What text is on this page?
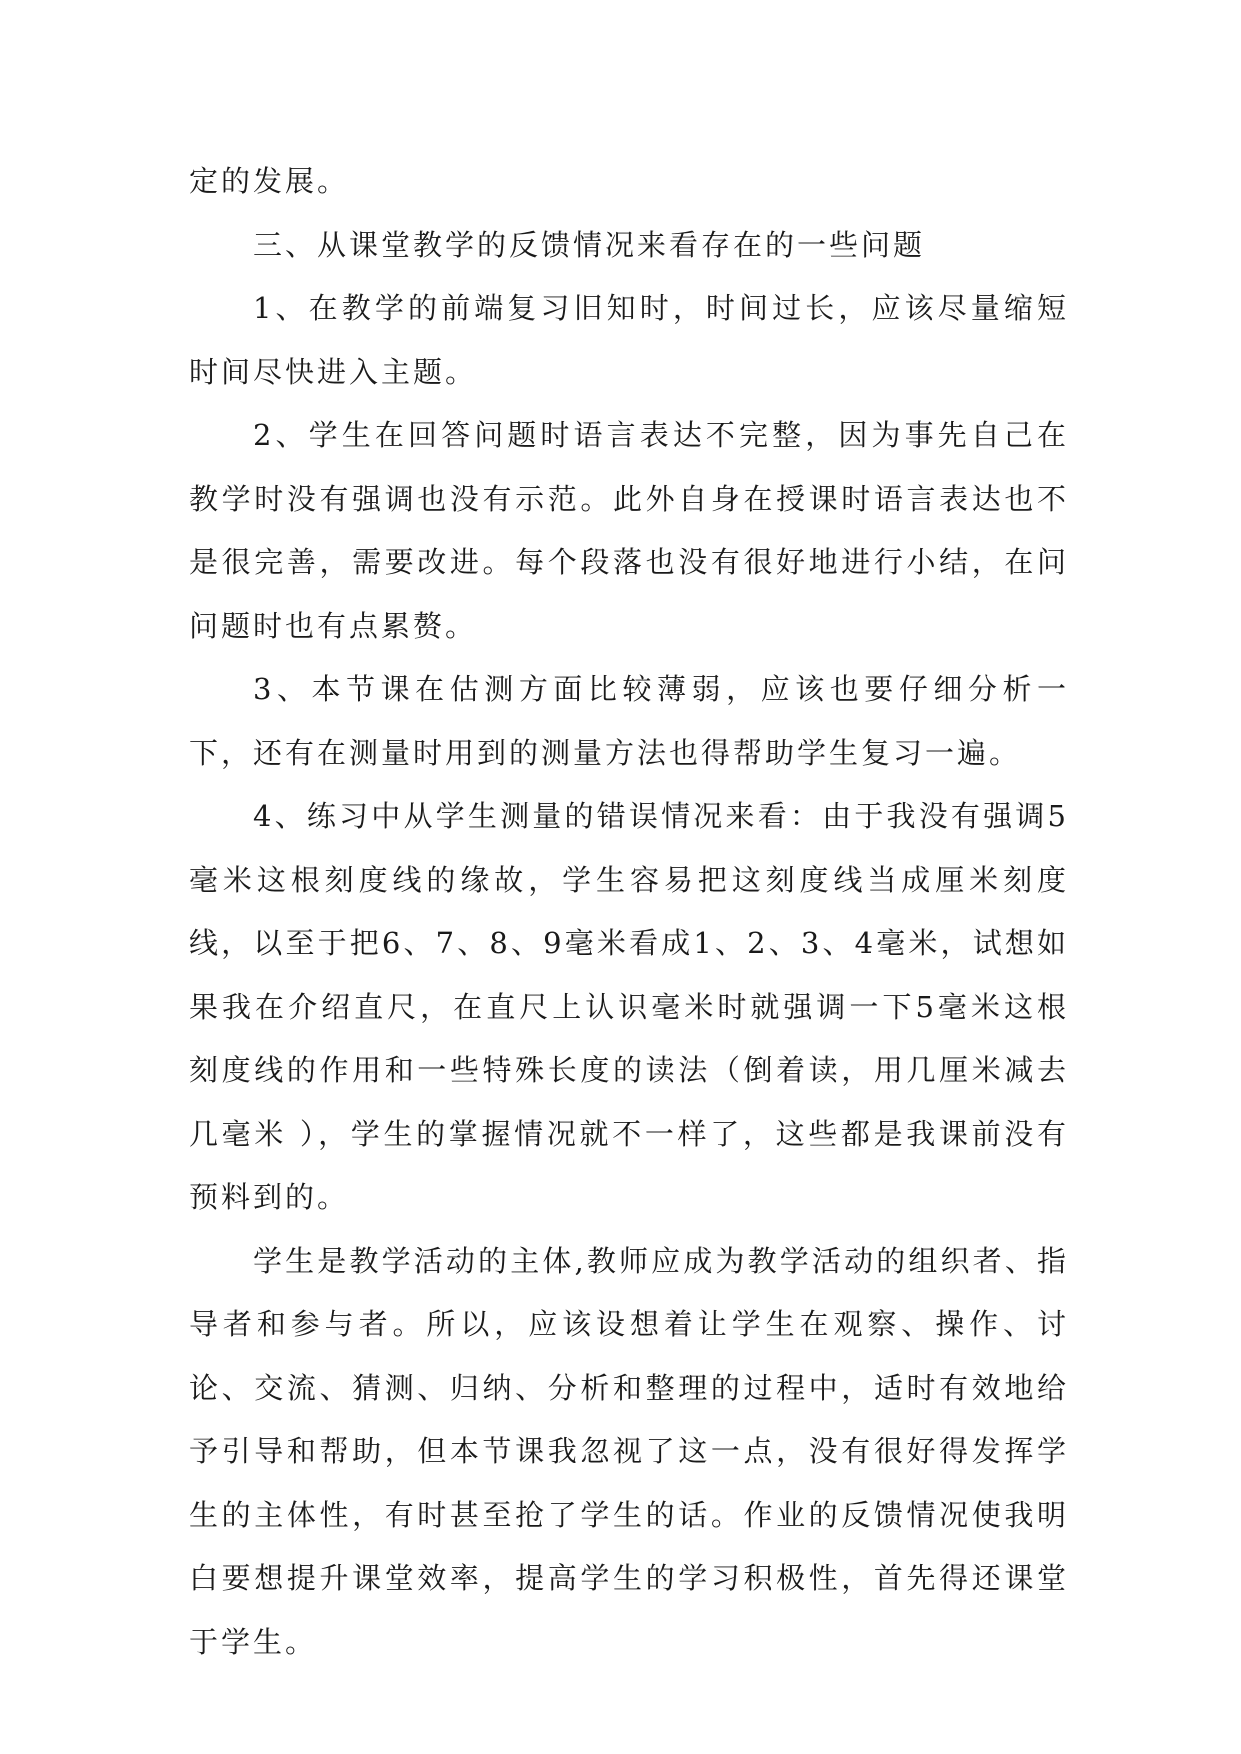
定的发展。

三、从课堂教学的反馈情况来看存在的一些问题

1、在教学的前端复习旧知时，时间过长，应该尽量缩短时间尽快进入主题。

2、学生在回答问题时语言表达不完整，因为事先自己在教学时没有强调也没有示范。此外自身在授课时语言表达也不是很完善，需要改进。每个段落也没有很好地进行小结，在问问题时也有点累赘。

3、本节课在估测方面比较薄弱，应该也要仔细分析一下，还有在测量时用到的测量方法也得帮助学生复习一遍。

4、练习中从学生测量的错误情况来看：由于我没有强调5毫米这根刻度线的缘故，学生容易把这刻度线当成厘米刻度线，以至于把6、7、8、9毫米看成1、2、3、4毫米，试想如果我在介绍直尺，在直尺上认识毫米时就强调一下5毫米这根刻度线的作用和一些特殊长度的读法（倒着读，用几厘米减去几毫米 ），学生的掌握情况就不一样了，这些都是我课前没有预料到的。

学生是教学活动的主体,教师应成为教学活动的组织者、指导者和参与者。所以，应该设想着让学生在观察、操作、讨论、交流、猜测、归纳、分析和整理的过程中，适时有效地给予引导和帮助，但本节课我忽视了这一点，没有很好得发挥学生的主体性，有时甚至抢了学生的话。作业的反馈情况使我明白要想提升课堂效率，提高学生的学习积极性，首先得还课堂于学生。
